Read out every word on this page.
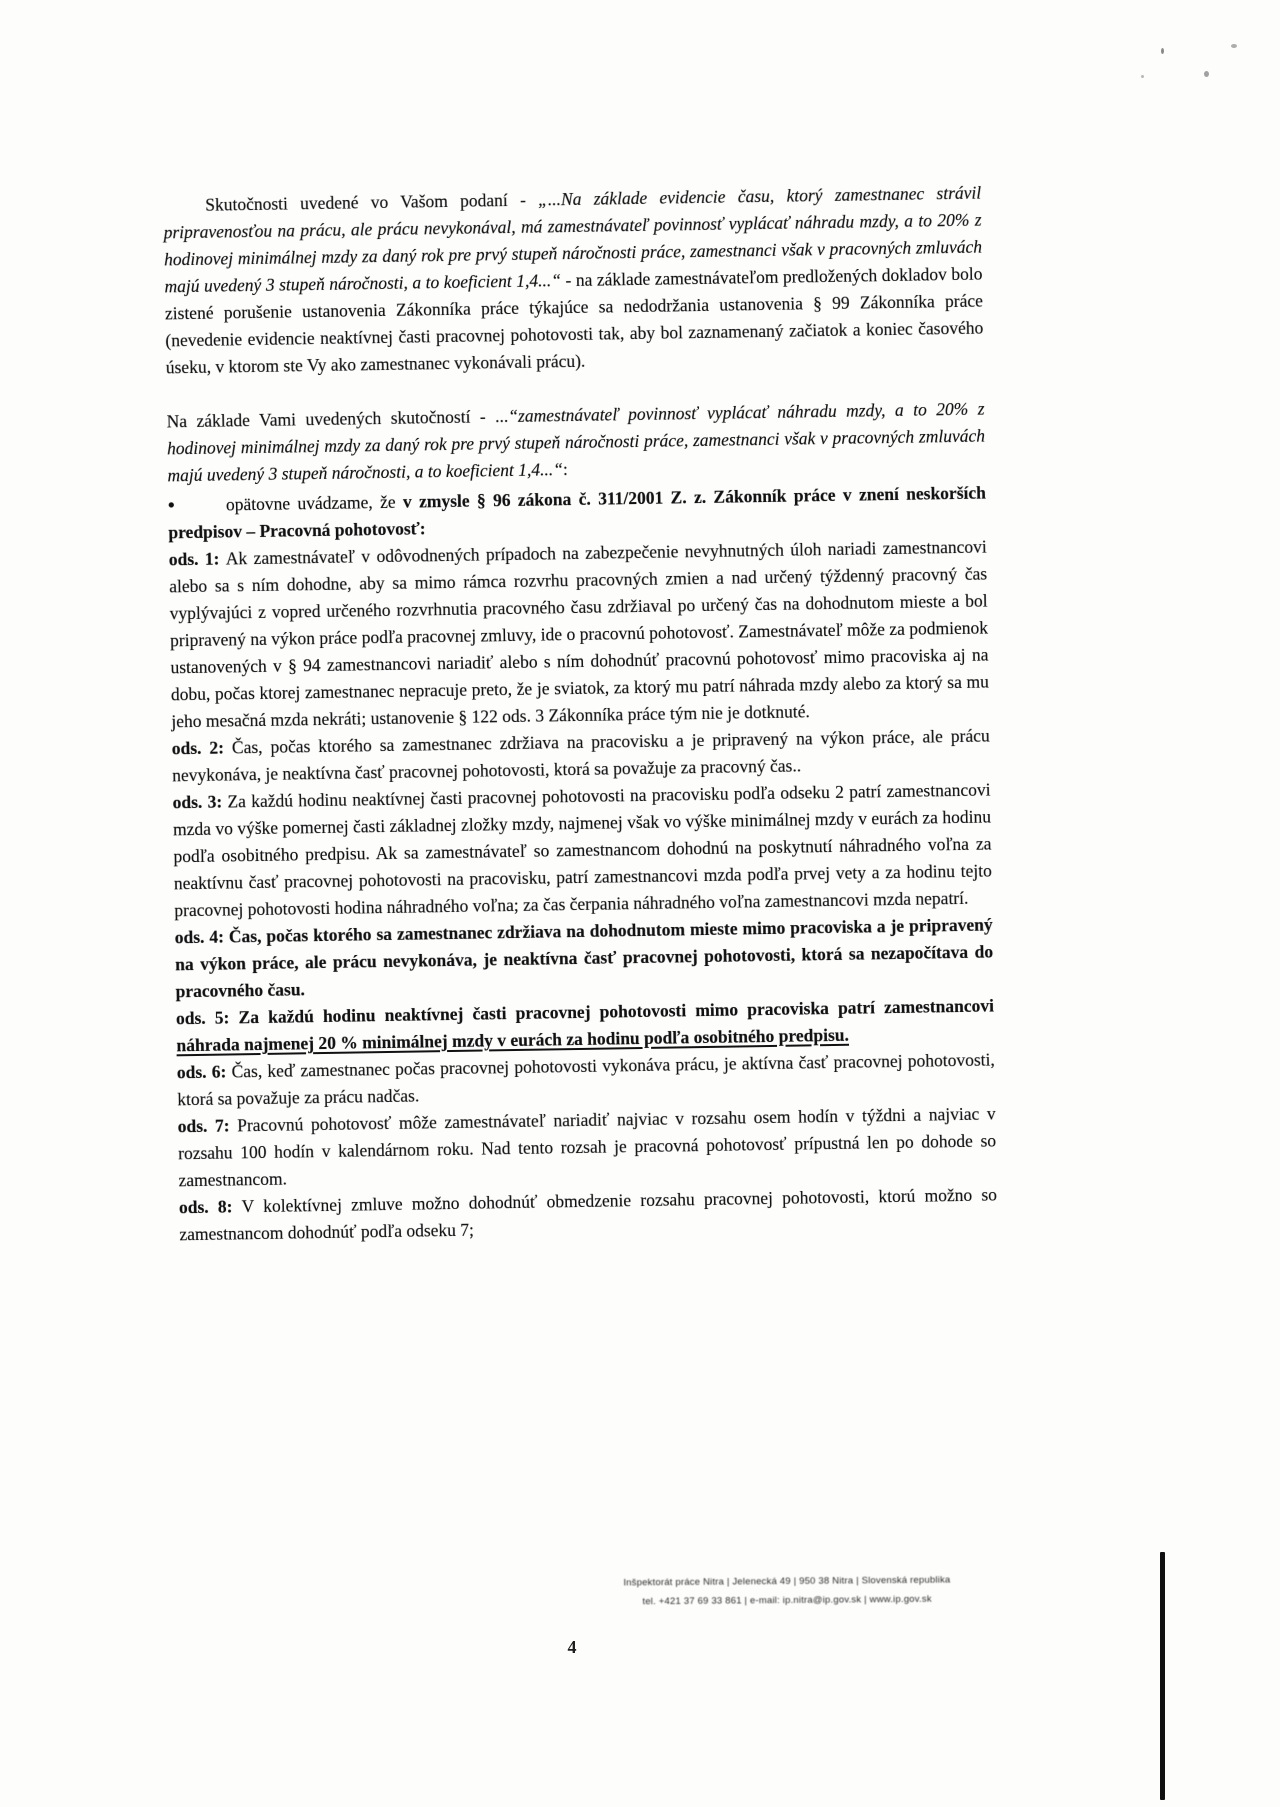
Skutočnosti uvedené vo Vašom podaní - „...Na základe evidencie času, ktorý zamestnanec strávil pripravenosťou na prácu, ale prácu nevykonával, má zamestnávateľ povinnosť vyplácať náhradu mzdy, a to 20% z hodinovej minimálnej mzdy za daný rok pre prvý stupeň náročnosti práce, zamestnanci však v pracovných zmluvách majú uvedený 3 stupeň náročnosti, a to koeficient 1,4...“ - na základe zamestnávateľom predložených dokladov bolo zistené porušenie ustanovenia Zákonníka práce týkajúce sa nedodržania ustanovenia § 99 Zákonníka práce (nevedenie evidencie neaktívnej časti pracovnej pohotovosti tak, aby bol zaznamenaný začiatok a koniec časového úseku, v ktorom ste Vy ako zamestnanec vykonávali prácu).

Na základe Vami uvedených skutočností - ...“zamestnávateľ povinnosť vyplácať náhradu mzdy, a to 20% z hodinovej minimálnej mzdy za daný rok pre prvý stupeň náročnosti práce, zamestnanci však v pracovných zmluvách majú uvedený 3 stupeň náročnosti, a to koeficient 1,4...“:

•	opätovne uvádzame, že v zmysle § 96 zákona č. 311/2001 Z. z. Zákonník práce v znení neskorších predpisov – Pracovná pohotovosť:

ods. 1: Ak zamestnávateľ v odôvodnených prípadoch na zabezpečenie nevyhnutných úloh nariadi zamestnancovi alebo sa s ním dohodne, aby sa mimo rámca rozvrhu pracovných zmien a nad určený týždenný pracovný čas vyplývajúci z vopred určeného rozvrhnutia pracovného času zdržiaval po určený čas na dohodnutom mieste a bol pripravený na výkon práce podľa pracovnej zmluvy, ide o pracovnú pohotovosť. Zamestnávateľ môže za podmienok ustanovených v § 94 zamestnancovi nariadiť alebo s ním dohodnúť pracovnú pohotovosť mimo pracoviska aj na dobu, počas ktorej zamestnanec nepracuje preto, že je sviatok, za ktorý mu patrí náhrada mzdy alebo za ktorý sa mu jeho mesačná mzda nekráti; ustanovenie § 122 ods. 3 Zákonníka práce tým nie je dotknuté.

ods. 2: Čas, počas ktorého sa zamestnanec zdržiava na pracovisku a je pripravený na výkon práce, ale prácu nevykonáva, je neaktívna časť pracovnej pohotovosti, ktorá sa považuje za pracovný čas..

ods. 3: Za každú hodinu neaktívnej časti pracovnej pohotovosti na pracovisku podľa odseku 2 patrí zamestnancovi mzda vo výške pomernej časti základnej zložky mzdy, najmenej však vo výške minimálnej mzdy v eurách za hodinu podľa osobitného predpisu. Ak sa zamestnávateľ so zamestnancom dohodnú na poskytnutí náhradného voľna za neaktívnu časť pracovnej pohotovosti na pracovisku, patrí zamestnancovi mzda podľa prvej vety a za hodinu tejto pracovnej pohotovosti hodina náhradného voľna; za čas čerpania náhradného voľna zamestnancovi mzda nepatrí.

ods. 4: Čas, počas ktorého sa zamestnanec zdržiava na dohodnutom mieste mimo pracoviska a je pripravený na výkon práce, ale prácu nevykonáva, je neaktívna časť pracovnej pohotovosti, ktorá sa nezapočítava do pracovného času.

ods. 5: Za každú hodinu neaktívnej časti pracovnej pohotovosti mimo pracoviska patrí zamestnancovi náhrada najmenej 20 % minimálnej mzdy v eurách za hodinu podľa osobitného predpisu.

ods. 6: Čas, keď zamestnanec počas pracovnej pohotovosti vykonáva prácu, je aktívna časť pracovnej pohotovosti, ktorá sa považuje za prácu nadčas.

ods. 7: Pracovnú pohotovosť môže zamestnávateľ nariadiť najviac v rozsahu osem hodín v týždni a najviac v rozsahu 100 hodín v kalendárnom roku. Nad tento rozsah je pracovná pohotovosť prípustná len po dohode so zamestnancom.

ods. 8: V kolektívnej zmluve možno dohodnúť obmedzenie rozsahu pracovnej pohotovosti, ktorú možno so zamestnancom dohodnúť podľa odseku 7;

Inšpektorát práce Nitra | Jelenecká 49 | 950 38 Nitra | Slovenská republika
tel. +421 37 69 33 861 | e-mail: ip.nitra@ip.gov.sk | www.ip.gov.sk
4
